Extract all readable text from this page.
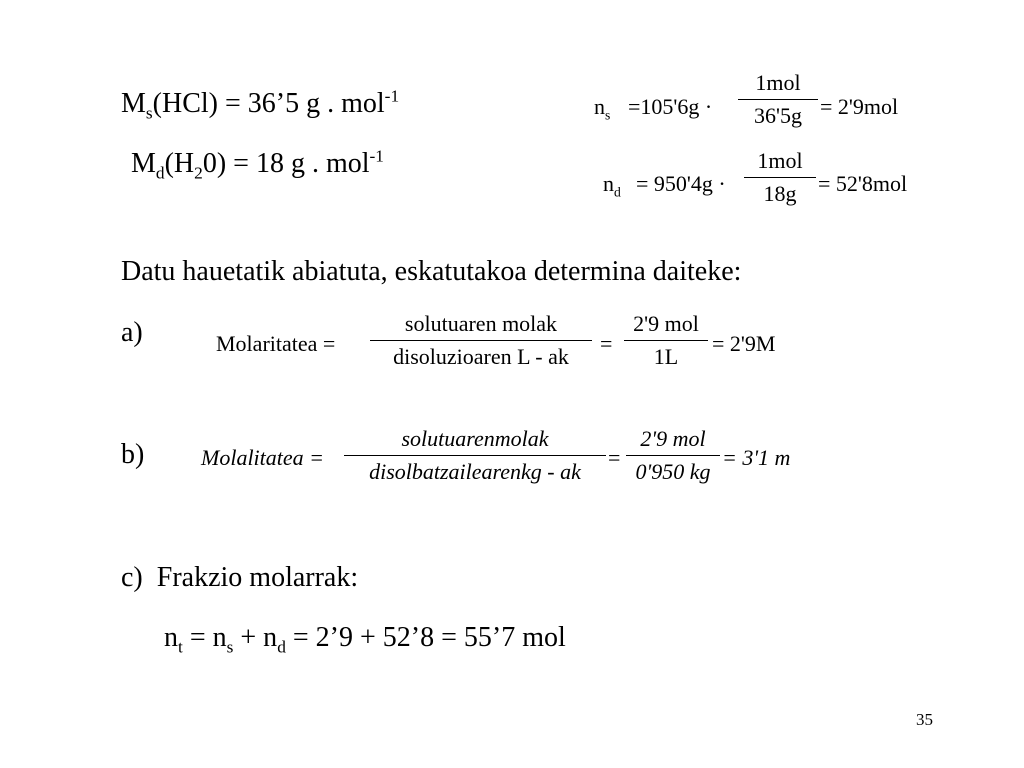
$M_s(HCl)$ = 36’5 g . mol$^{-1}$
$M_d(H_20) = 18$ g . mol$^{-1}$
$n_s =105'6g$ ·
1mol
36'5g = 2'9mol
$n_d = 950'4g$ ·
1mol
18g = 52'8mol
Datu hauetatik abiatuta, eskatutakoa determina daiteke:
a)	Molaritatea =
solutuaren molak
disoluzioaren L - ak
=
2'9 mol
1L
= 2'9M
b)	Molalitatea =
solutuarenmolak
disolbatzailearenkg - ak
=
2'9 mol
0'950 kg
= 3'1 m
c) Frakzio molarrak:
$n_t = n_s + n_d$ = 2’9 + 52’8 = 55’7 mol
35
